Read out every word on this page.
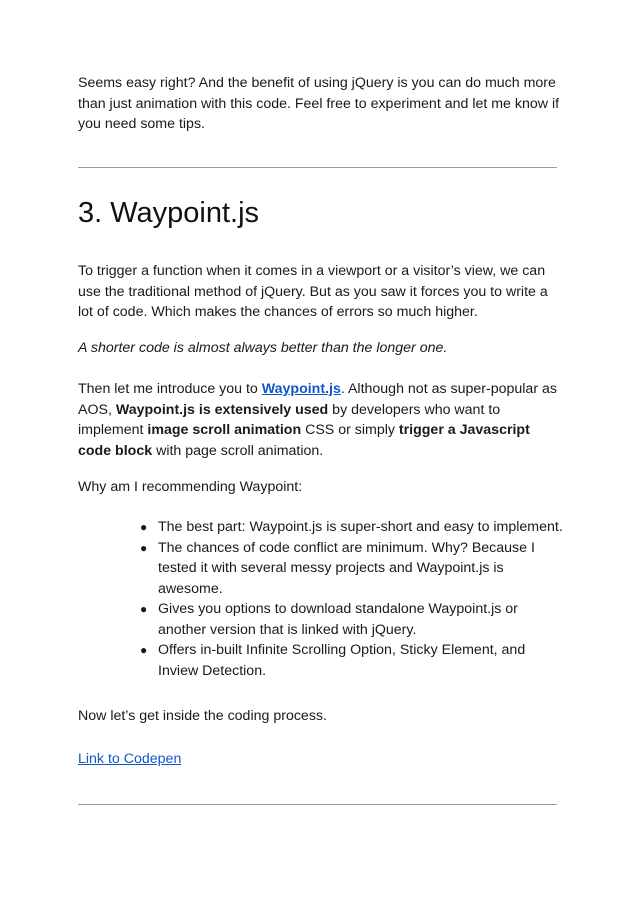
Seems easy right? And the benefit of using jQuery is you can do much more than just animation with this code. Feel free to experiment and let me know if you need some tips.

3. Waypoint.js

To trigger a function when it comes in a viewport or a visitor’s view, we can use the traditional method of jQuery. But as you saw it forces you to write a lot of code. Which makes the chances of errors so much higher.

A shorter code is almost always better than the longer one.

Then let me introduce you to Waypoint.js. Although not as super-popular as AOS, Waypoint.js is extensively used by developers who want to implement image scroll animation CSS or simply trigger a Javascript code block with page scroll animation.

Why am I recommending Waypoint:

● The best part: Waypoint.js is super-short and easy to implement.
● The chances of code conflict are minimum. Why? Because I tested it with several messy projects and Waypoint.js is awesome.
● Gives you options to download standalone Waypoint.js or another version that is linked with jQuery.
● Offers in-built Infinite Scrolling Option, Sticky Element, and Inview Detection.

Now let’s get inside the coding process.

Link to Codepen
